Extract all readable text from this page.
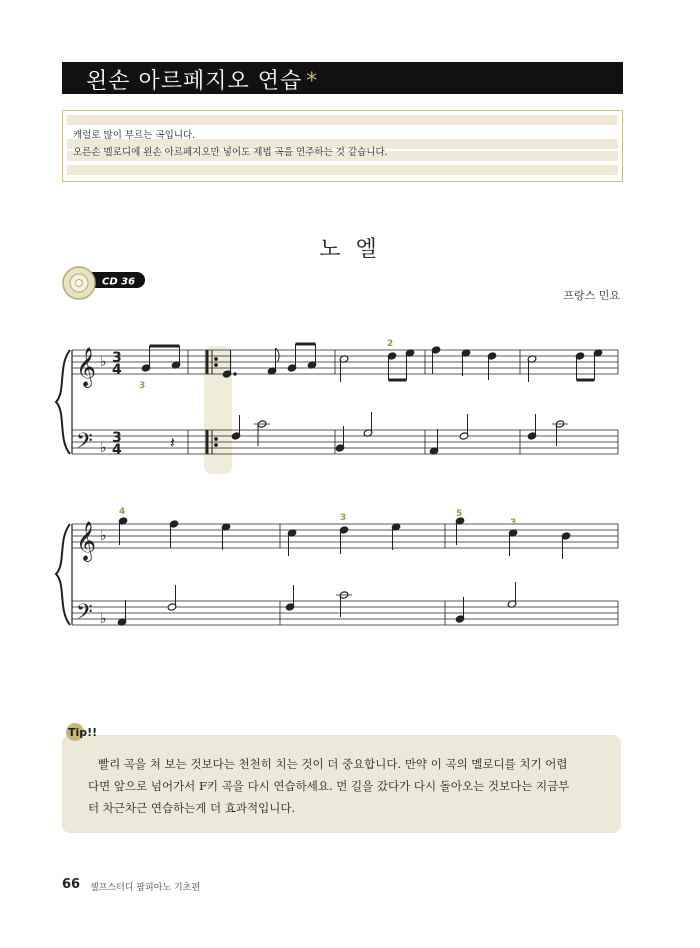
왼손 아르페지오 연습 *
캐럴로 많이 부르는 곡입니다.
오른손 멜로디에 왼손 아르페지오만 넣어도 제법 곡을 연주하는 것 같습니다.
노 엘
CD 36
프랑스 민요
𝄞
𝄢
♭
♭
3
4
3
4
3
𝄽
2
𝄞
𝄢
♭
♭
4
3	5
3
빨리 곡을 쳐 보는 것보다는 천천히 치는 것이 더 중요합니다. 만약 이 곡의 멜로디를 치기 어렵
다면 앞으로 넘어가서 F키 곡을 다시 연습하세요. 먼 길을 갔다가 다시 돌아오는 것보다는 지금부
터 차근차근 연습하는게 더 효과적입니다.
Tip!!
66 셀프스터디 팝피아노 기초편
